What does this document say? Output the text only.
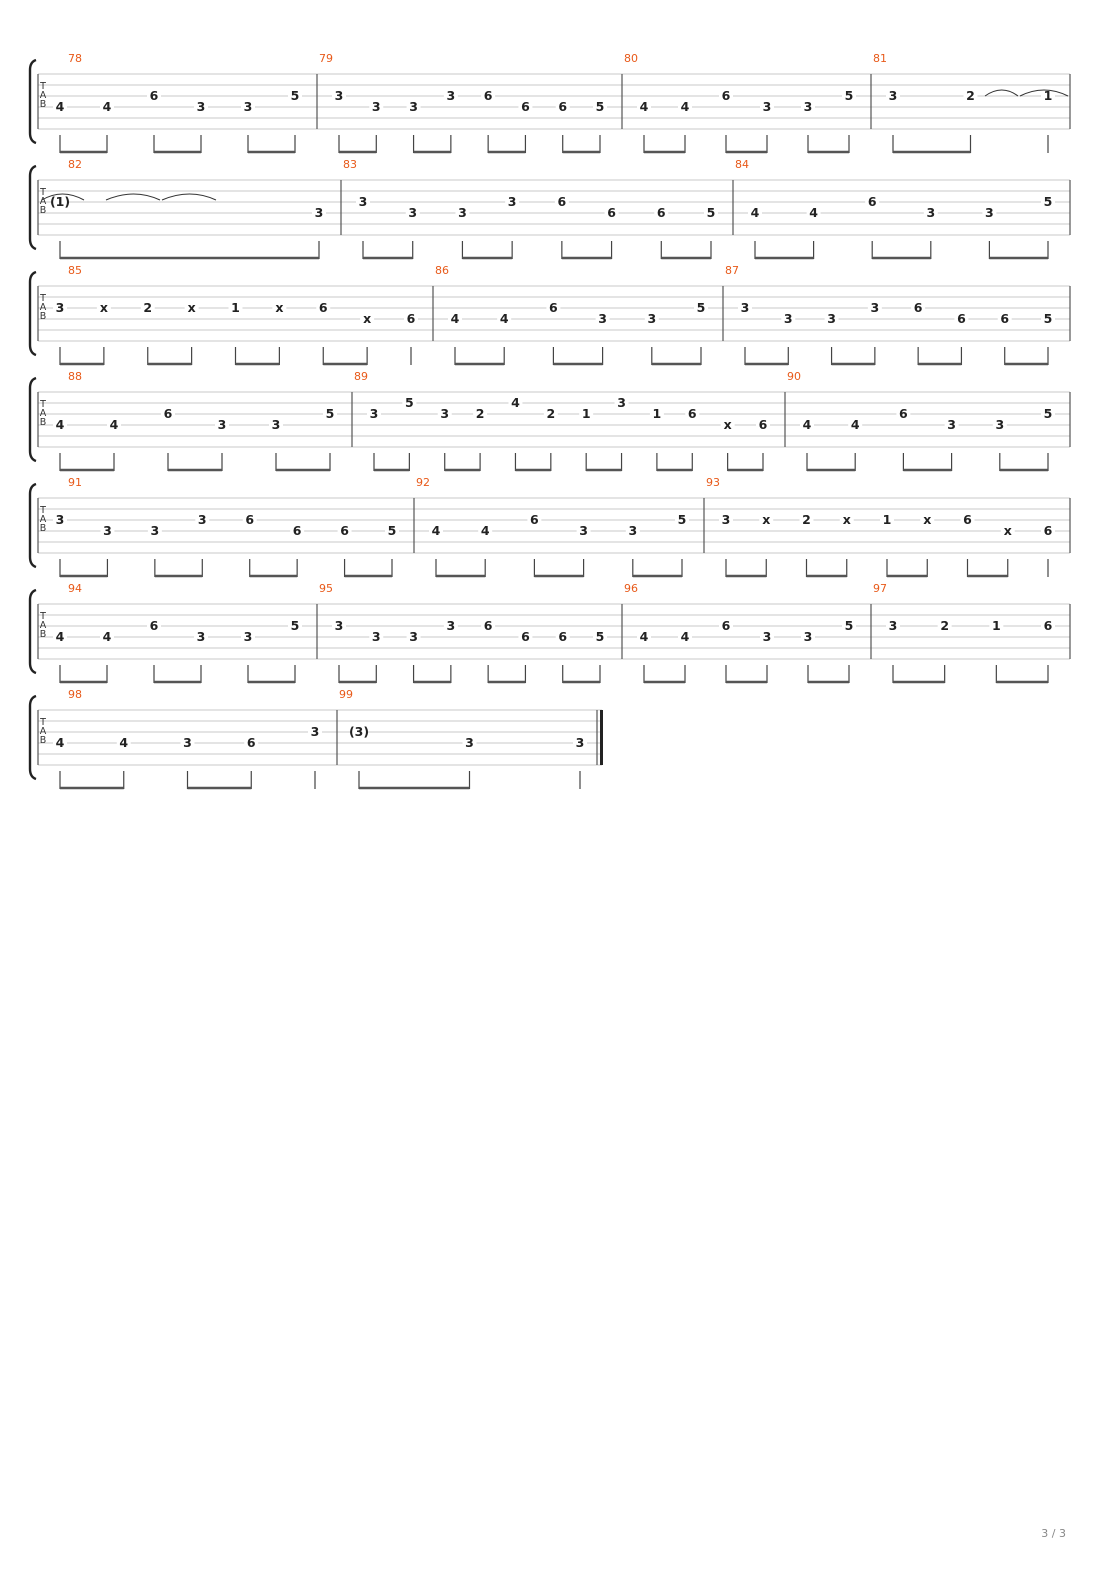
T
A
B
78
4	4
6
3	3
5
79
3
3 3
3 6
6 6 5
80
4	4
6
3	3
5
81
3	2	1
T
A
B
82
(1)
3
83
3
3	3
3	6
6	6	5
84
4	4
6
3	3
5
T
A
B
85
3	x	2	x	1	x	6
x	6
86
4	4
6
3	3
5
87
3
3	3
3	6
6	6	5
T
A
B
88
4	4
6
3	3
5
89
3
5
3 2
4
2 1
3
1 6
x 6
90
4	4
6
3	3
5
T
A
B
91
3
3	3
3	6
6	6	5
92
4	4
6
3	3
5
93
3	x	2	x	1	x	6
x	6
T
A
B
94
4	4
6
3	3
5
95
3
3 3
3 6
6 6 5
96
4	4
6
3	3
5
97
3	2	1	6
T
A
B
98
4	4	3	6
3
99
(3)
3	3
3 / 3
